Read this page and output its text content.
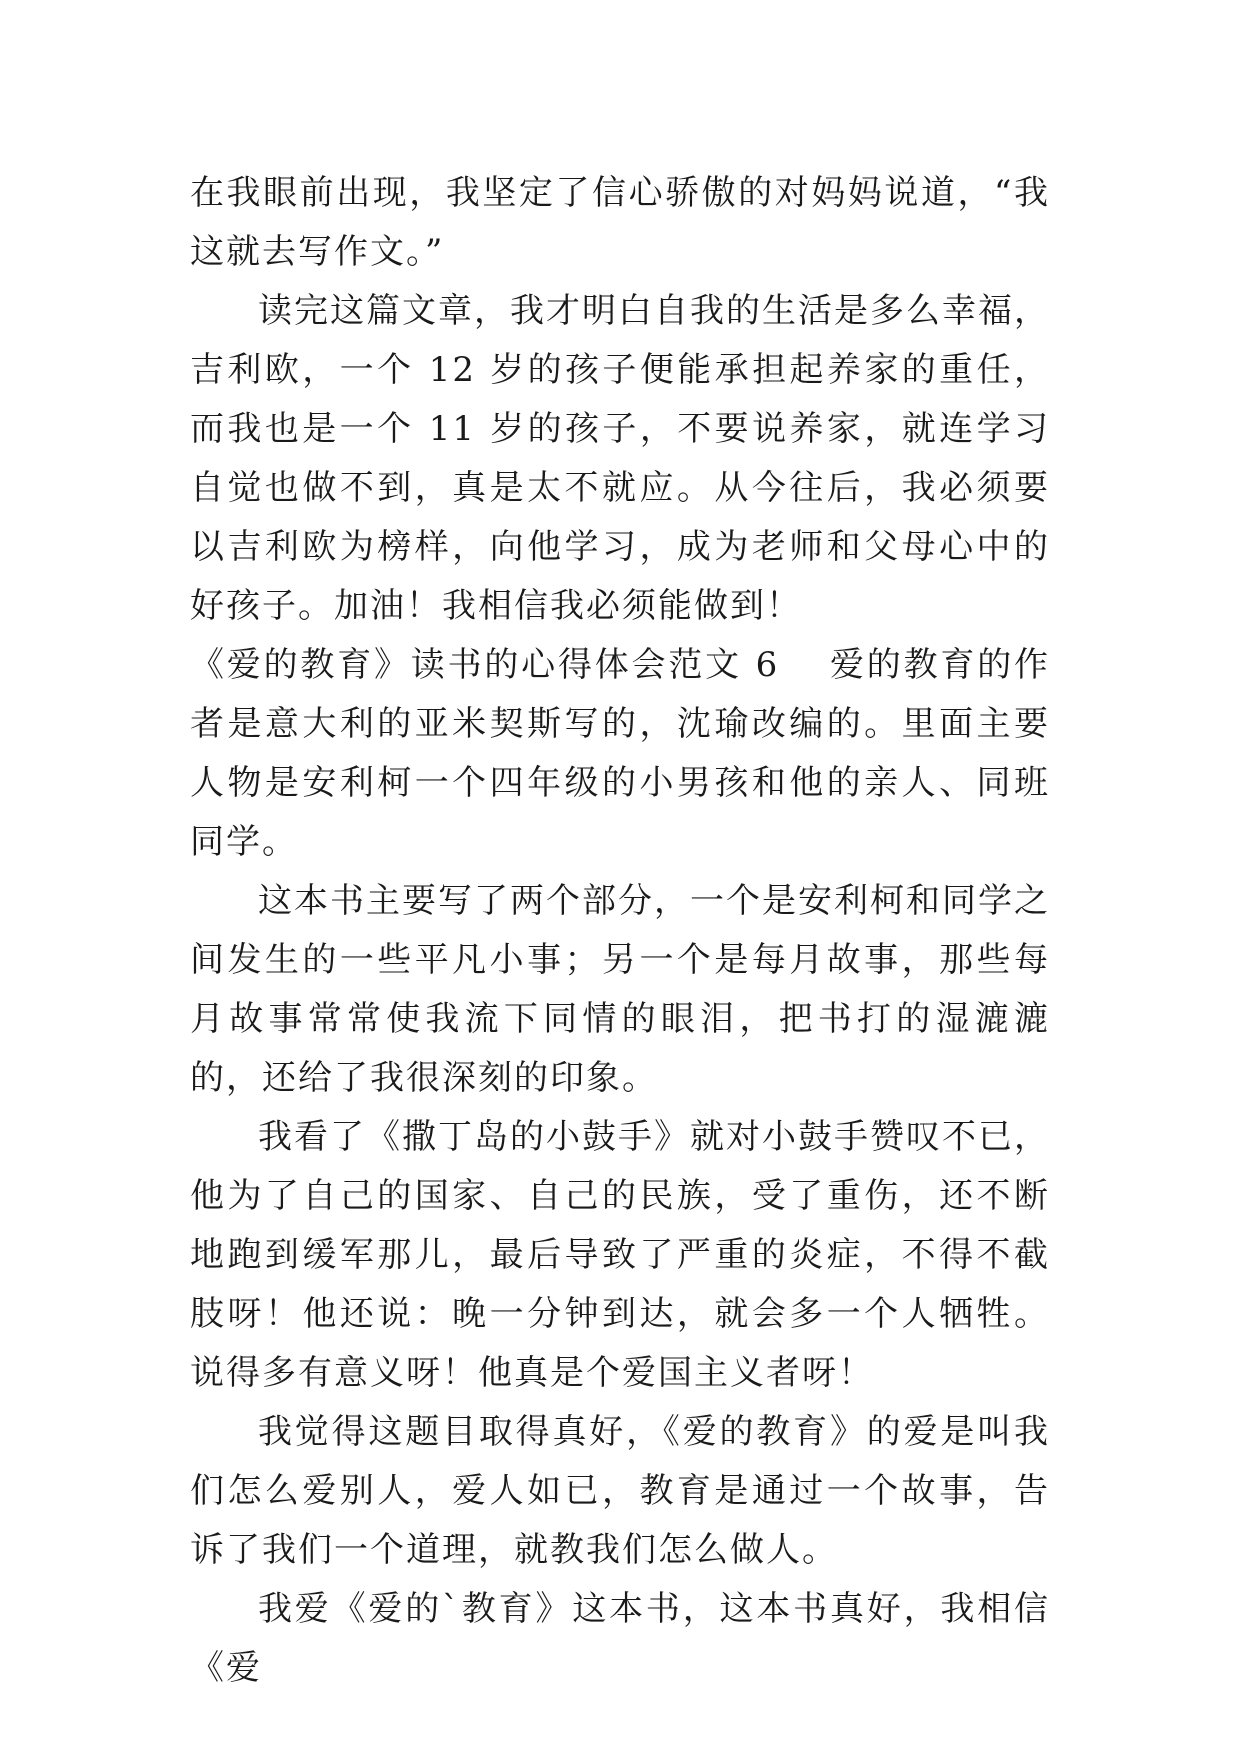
在我眼前出现，我坚定了信心骄傲的对妈妈说道，“我这就去写作文。”

读完这篇文章，我才明白自我的生活是多么幸福，吉利欧，一个 12 岁的孩子便能承担起养家的重任，而我也是一个 11 岁的孩子，不要说养家，就连学习自觉也做不到，真是太不就应。从今往后，我必须要以吉利欧为榜样，向他学习，成为老师和父母心中的好孩子。加油！我相信我必须能做到！

《爱的教育》读书的心得体会范文 6 爱的教育的作者是意大利的亚米契斯写的，沈瑜改编的。里面主要人物是安利柯一个四年级的小男孩和他的亲人、同班同学。

这本书主要写了两个部分，一个是安利柯和同学之间发生的一些平凡小事；另一个是每月故事，那些每月故事常常使我流下同情的眼泪，把书打的湿漉漉的，还给了我很深刻的印象。

我看了《撒丁岛的小鼓手》就对小鼓手赞叹不已，他为了自己的国家、自己的民族，受了重伤，还不断地跑到缓军那儿，最后导致了严重的炎症，不得不截肢呀！他还说：晚一分钟到达，就会多一个人牺牲。说得多有意义呀！他真是个爱国主义者呀！

我觉得这题目取得真好，《爱的教育》的爱是叫我们怎么爱别人，爱人如已，教育是通过一个故事，告诉了我们一个道理，就教我们怎么做人。

我爱《爱的`教育》这本书，这本书真好，我相信《爱
